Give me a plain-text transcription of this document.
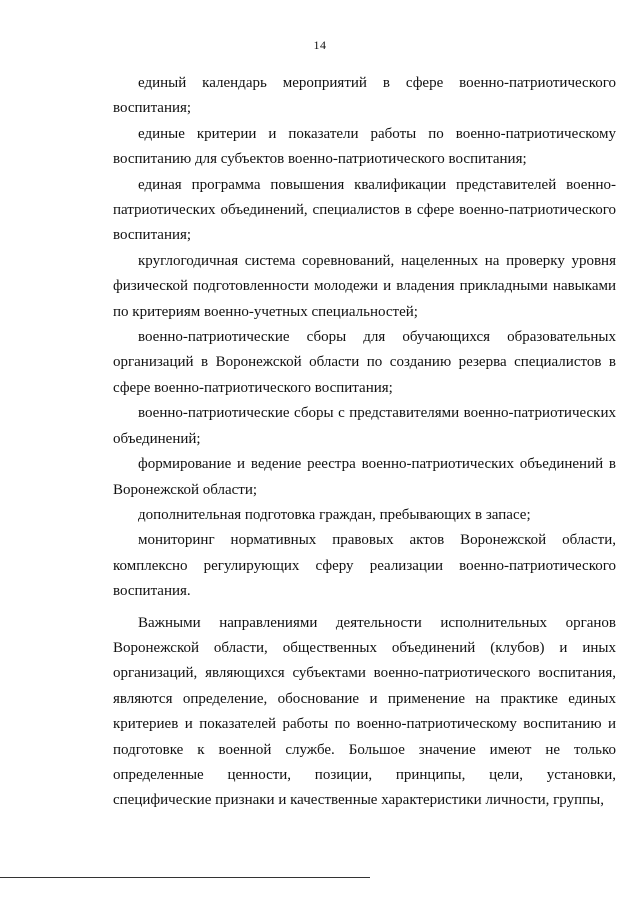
14

единый календарь мероприятий в сфере военно-патриотического воспитания;

единые критерии и показатели работы по военно-патриотическому воспитанию для субъектов военно-патриотического воспитания;

единая программа повышения квалификации представителей военно-патриотических объединений, специалистов в сфере военно-патриотического воспитания;

круглогодичная система соревнований, нацеленных на проверку уровня физической подготовленности молодежи и владения прикладными навыками по критериям военно-учетных специальностей;

военно-патриотические сборы для обучающихся образовательных организаций в Воронежской области по созданию резерва специалистов в сфере военно-патриотического воспитания;

военно-патриотические сборы с представителями военно-патриотических объединений;

формирование и ведение реестра военно-патриотических объединений в Воронежской области;

дополнительная подготовка граждан, пребывающих в запасе;

мониторинг нормативных правовых актов Воронежской области, комплексно регулирующих сферу реализации военно-патриотического воспитания.

Важными направлениями деятельности исполнительных органов Воронежской области, общественных объединений (клубов) и иных организаций, являющихся субъектами военно-патриотического воспитания, являются определение, обоснование и применение на практике единых критериев и показателей работы по военно-патриотическому воспитанию и подготовке к военной службе. Большое значение имеют не только определенные ценности, позиции, принципы, цели, установки, специфические признаки и качественные характеристики личности, группы,
